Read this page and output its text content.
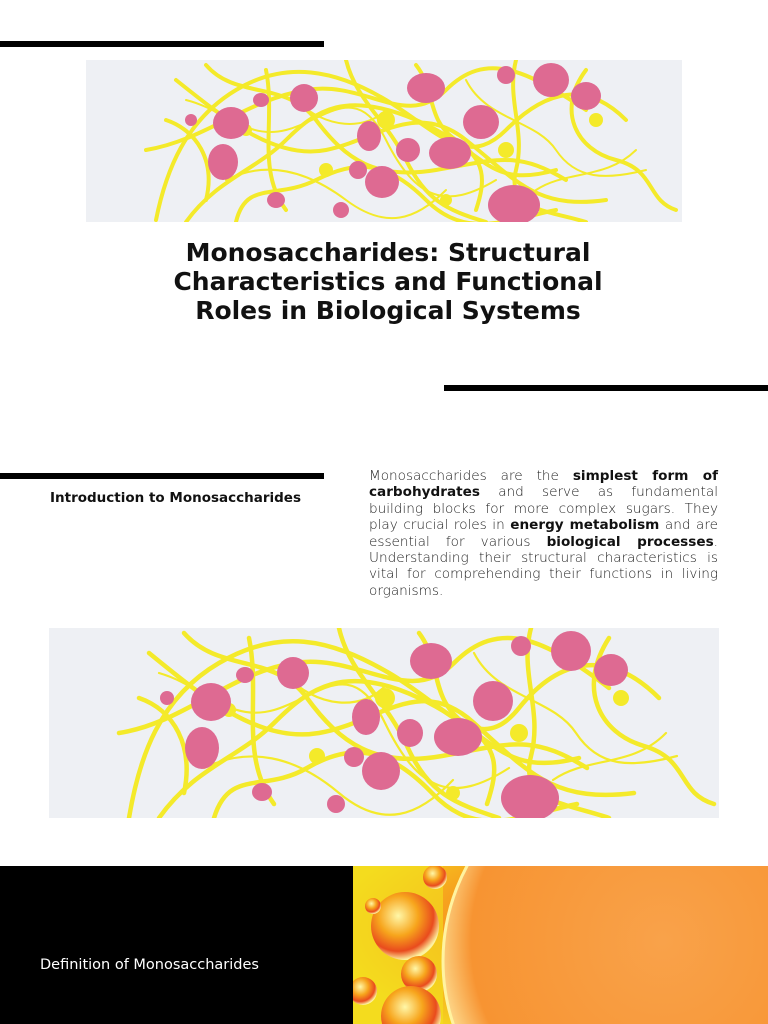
Monosaccharides: Structural Characteristics and Functional Roles in Biological Systems
Introduction to Monosaccharides

Monosaccharides are the simplest form of carbohydrates and serve as fundamental building blocks for more complex sugars. They play crucial roles in energy metabolism and are essential for various biological processes. Understanding their structural characteristics is vital for comprehending their functions in living organisms.

Definition of Monosaccharides
